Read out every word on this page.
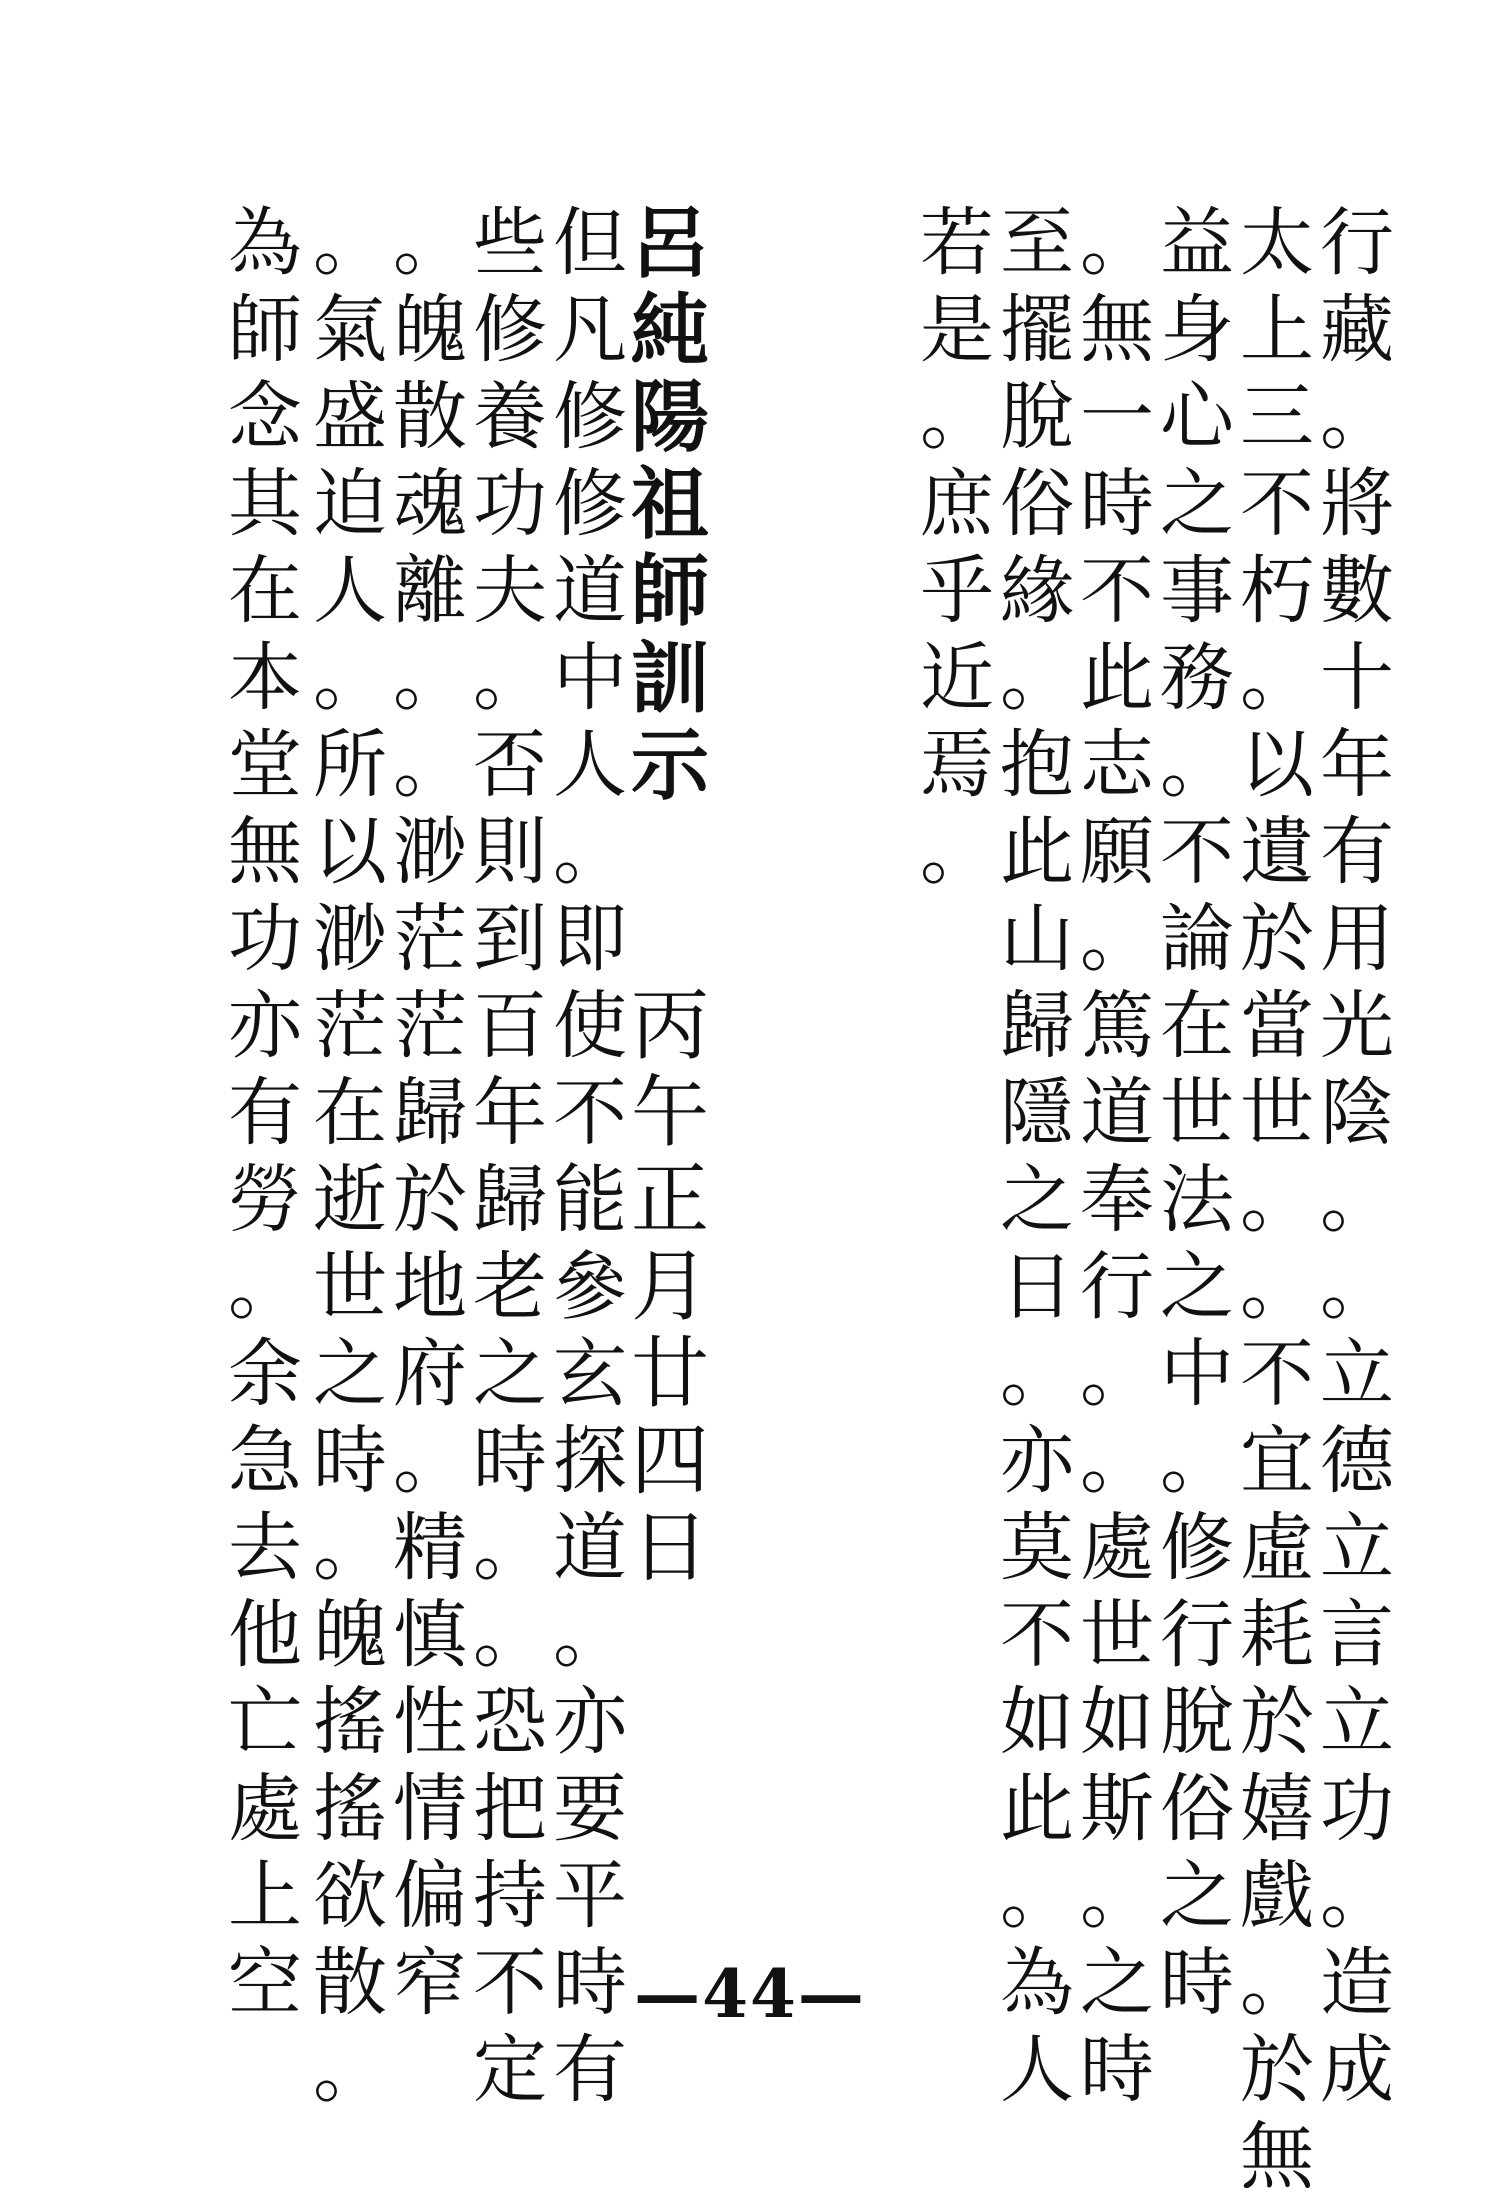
行
藏
。
將
數
十
年
有
用
光
陰
。
。
立
德
立
言
立
功
。
造
成
太
上
三
不
朽
。
以
遺
於
當
世
。
。
不
宜
虛
耗
於
嬉
戲
。
於
無
益
身
心
之
事
務
。
不
論
在
世
法
之
中
。
修
行
脫
俗
之
時
。
無
一
時
不
此
志
願
。
篤
道
奉
行
。
。
處
世
如
斯
。
之
時
至
擺
脫
俗
緣
。
抱
此
山
歸
隱
之
日
。
亦
莫
不
如
此
。
為
人
若
是
。
庶
乎
近
焉
。
呂
純
陽
祖
師
訓
示

丙
午
正
月
廿
四
日
但
凡
修
修
道
中
人
。
即
使
不
能
參
玄
探
道
。
亦
要
平
時
有
些
修
養
功
夫
。
否
則
到
百
年
歸
老
之
時
。
。
恐
把
持
不
定
。
魄
散
魂
離
。
。
渺
茫
茫
歸
於
地
府
。
精
慎
性
情
偏
窄
。
氣
盛
迫
人
。
所
以
渺
茫
在
逝
世
之
時
。
魄
搖
搖
欲
散
。
為
師
念
其
在
本
堂
無
功
亦
有
勞
。
余
急
去
他
亡
處
上
空	—44—
